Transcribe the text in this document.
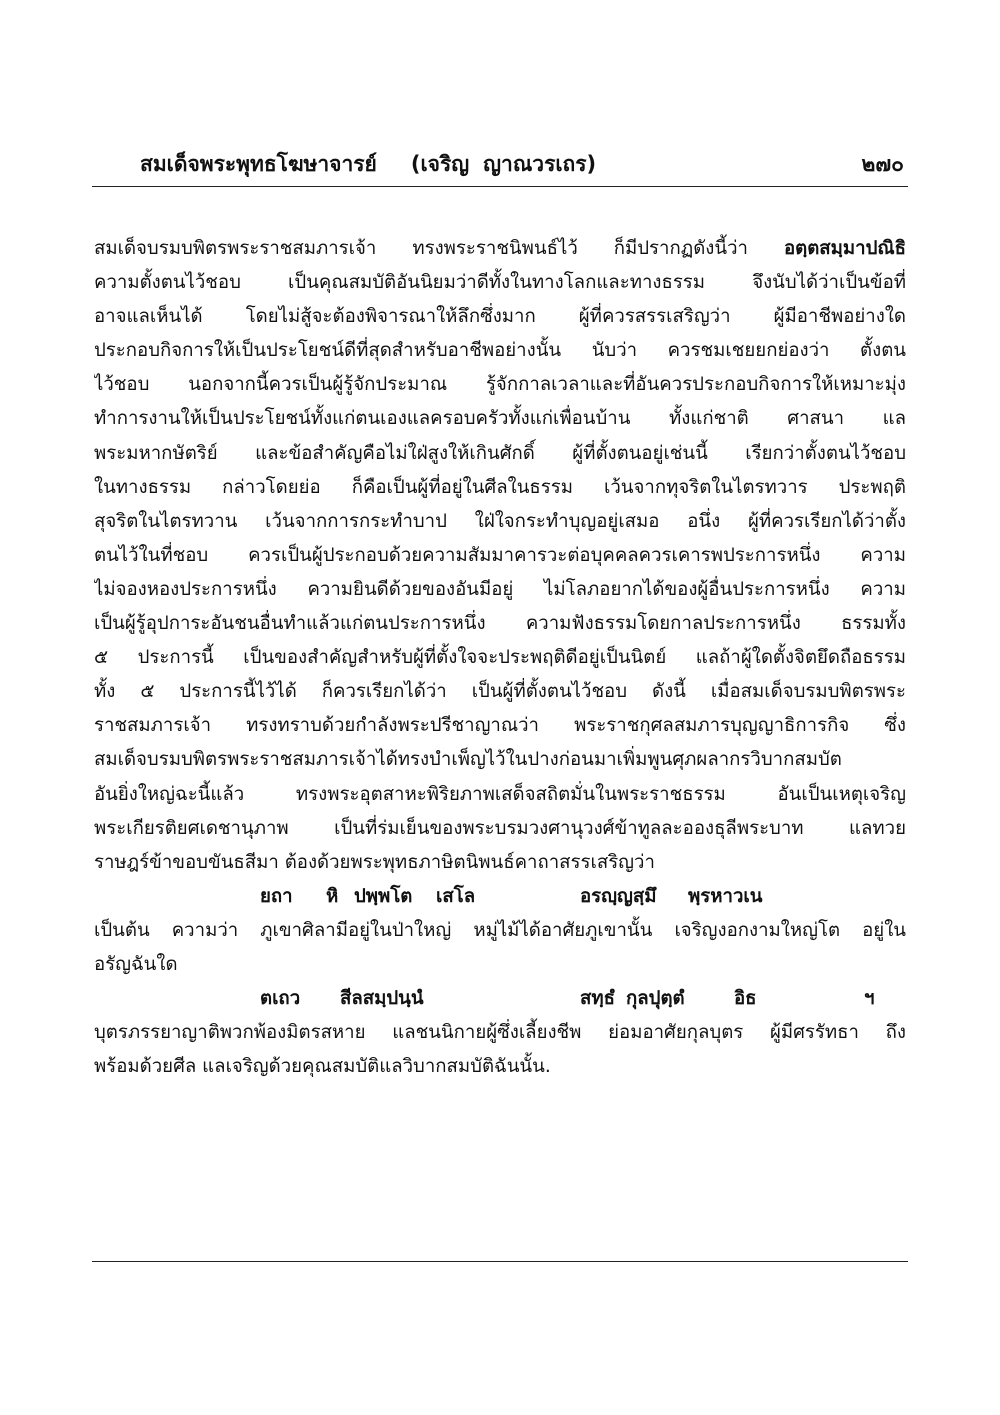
สมเด็จพระพุทธโฆษาจารย์ (เจริญ ญาณวรเถร)	๒๗๐
สมเด็จบรมบพิตรพระราชสมภารเจ้า ทรงพระราชนิพนธ์ไว้ ก็มีปรากฏดังนี้ว่า อตฺตสมฺมาปณิธิ
ความตั้งตนไว้ชอบ เป็นคุณสมบัติอันนิยมว่าดีทั้งในทางโลกและทางธรรม จึงนับได้ว่าเป็นข้อที่
อาจแลเห็นได้ โดยไม่สู้จะต้องพิจารณาให้ลึกซึ่งมาก ผู้ที่ควรสรรเสริญว่า ผู้มีอาชีพอย่างใด
ประกอบกิจการให้เป็นประโยชน์ดีที่สุดสำหรับอาชีพอย่างนั้น นับว่า ควรชมเชยยกย่องว่า ตั้งตน
ไว้ชอบ นอกจากนี้ควรเป็นผู้รู้จักประมาณ รู้จักกาลเวลาและที่อันควรประกอบกิจการให้เหมาะมุ่ง
ทำการงานให้เป็นประโยชน์ทั้งแก่ตนเองแลครอบครัวทั้งแก่เพื่อนบ้าน ทั้งแก่ชาติ ศาสนา แล
พระมหากษัตริย์ และข้อสำคัญคือไม่ใฝ่สูงให้เกินศักดิ์ ผู้ที่ตั้งตนอยู่เช่นนี้ เรียกว่าตั้งตนไว้ชอบ
ในทางธรรม กล่าวโดยย่อ ก็คือเป็นผู้ที่อยู่ในศีลในธรรม เว้นจากทุจริตในไตรทวาร ประพฤติ
สุจริตในไตรทวาน เว้นจากการกระทำบาป ใฝ่ใจกระทำบุญอยู่เสมอ อนึ่ง ผู้ที่ควรเรียกได้ว่าตั้ง
ตนไว้ในที่ชอบ ควรเป็นผู้ประกอบด้วยความสัมมาคารวะต่อบุคคลควรเคารพประการหนึ่ง ความ
ไม่จองหองประการหนึ่ง ความยินดีด้วยของอันมีอยู่ ไม่โลภอยากได้ของผู้อื่นประการหนึ่ง ความ
เป็นผู้รู้อุปการะอันชนอื่นทำแล้วแก่ตนประการหนึ่ง ความฟังธรรมโดยกาลประการหนึ่ง ธรรมทั้ง
๕ ประการนี้ เป็นของสำคัญสำหรับผู้ที่ตั้งใจจะประพฤติดีอยู่เป็นนิตย์ แลถ้าผู้ใดตั้งจิตยึดถือธรรม
ทั้ง ๕ ประการนี้ไว้ได้ ก็ควรเรียกได้ว่า เป็นผู้ที่ตั้งตนไว้ชอบ ดังนี้ เมื่อสมเด็จบรมบพิตรพระ
ราชสมภารเจ้า ทรงทราบด้วยกำลังพระปรีชาญาณว่า พระราชกุศลสมภารบุญญาธิการกิจ ซึ่ง
สมเด็จบรมบพิตรพระราชสมภารเจ้าได้ทรงบำเพ็ญไว้ในปางก่อนมาเพิ่มพูนศุภผลากรวิบากสมบัต
อันยิ่งใหญ่ฉะนี้แล้ว ทรงพระอุตสาหะพิริยภาพเสด็จสถิตมั่นในพระราชธรรม อันเป็นเหตุเจริญ
พระเกียรติยศเดชานุภาพ เป็นที่ร่มเย็นของพระบรมวงศานุวงศ์ข้าทูลละอองธุลีพระบาท แลทวย
ราษฎร์ข้าขอบขันธสีมา ต้องด้วยพระพุทธภาษิตนิพนธ์คาถาสรรเสริญว่า
ยถา หิ ปพฺพโต เสโล	อรญฺญสฺมึ พฺรหาวเน
เป็นต้น ความว่า ภูเขาศิลามีอยู่ในป่าใหญ่ หมู่ไม้ได้อาศัยภูเขานั้น เจริญงอกงามใหญ่โต อยู่ใน
อรัญฉันใด
ตเถว สีลสมฺปนฺนํ	สทฺธํ กุลปุตฺตํ	อิธ	ฯ
บุตรภรรยาญาติพวกพ้องมิตรสหาย แลชนนิกายผู้ซึ่งเลี้ยงชีพ ย่อมอาศัยกุลบุตร ผู้มีศรรัทธา ถึง
พร้อมด้วยศีล แลเจริญด้วยคุณสมบัติแลวิบากสมบัติฉันนั้น.
